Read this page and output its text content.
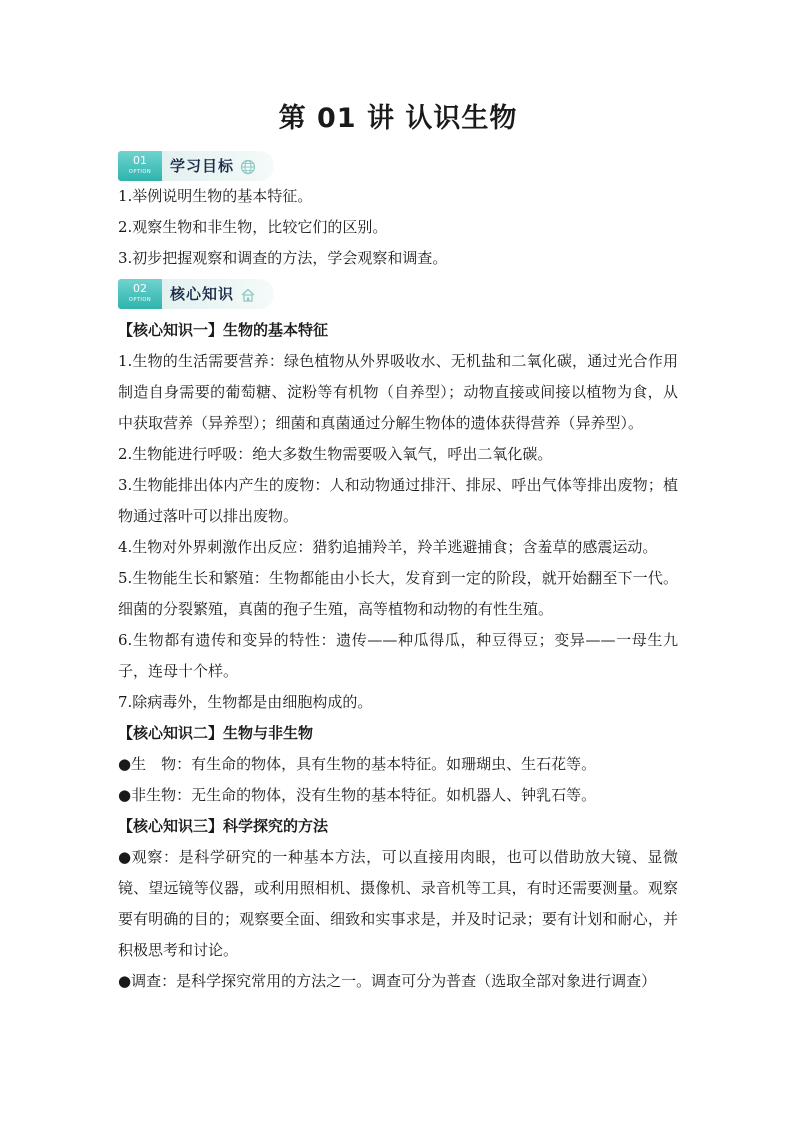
第 01 讲 认识生物
01
OPTION	学习目标

1.举例说明生物的基本特征。

2.观察生物和非生物，比较它们的区别。

3.初步把握观察和调查的方法，学会观察和调查。

02
OPTION	核心知识

【核心知识一】生物的基本特征

1.生物的生活需要营养：绿色植物从外界吸收水、无机盐和二氧化碳，通过光合作用制造自身需要的葡萄糖、淀粉等有机物（自养型）；动物直接或间接以植物为食，从中获取营养（异养型）；细菌和真菌通过分解生物体的遗体获得营养（异养型）。

2.生物能进行呼吸：绝大多数生物需要吸入氧气，呼出二氧化碳。

3.生物能排出体内产生的废物：人和动物通过排汗、排尿、呼出气体等排出废物；植物通过落叶可以排出废物。

4.生物对外界刺激作出反应：猎豹追捕羚羊，羚羊逃避捕食；含羞草的感震运动。

5.生物能生长和繁殖：生物都能由小长大，发育到一定的阶段，就开始翻至下一代。细菌的分裂繁殖，真菌的孢子生殖，高等植物和动物的有性生殖。

6.生物都有遗传和变异的特性：遗传——种瓜得瓜，种豆得豆；变异——一母生九子，连母十个样。

7.除病毒外，生物都是由细胞构成的。

【核心知识二】生物与非生物

●生　物：有生命的物体，具有生物的基本特征。如珊瑚虫、生石花等。

●非生物：无生命的物体，没有生物的基本特征。如机器人、钟乳石等。

【核心知识三】科学探究的方法

●观察：是科学研究的一种基本方法，可以直接用肉眼，也可以借助放大镜、显微镜、望远镜等仪器，或利用照相机、摄像机、录音机等工具，有时还需要测量。观察要有明确的目的；观察要全面、细致和实事求是，并及时记录；要有计划和耐心，并积极思考和讨论。

●调查：是科学探究常用的方法之一。调查可分为普查（选取全部对象进行调查）
